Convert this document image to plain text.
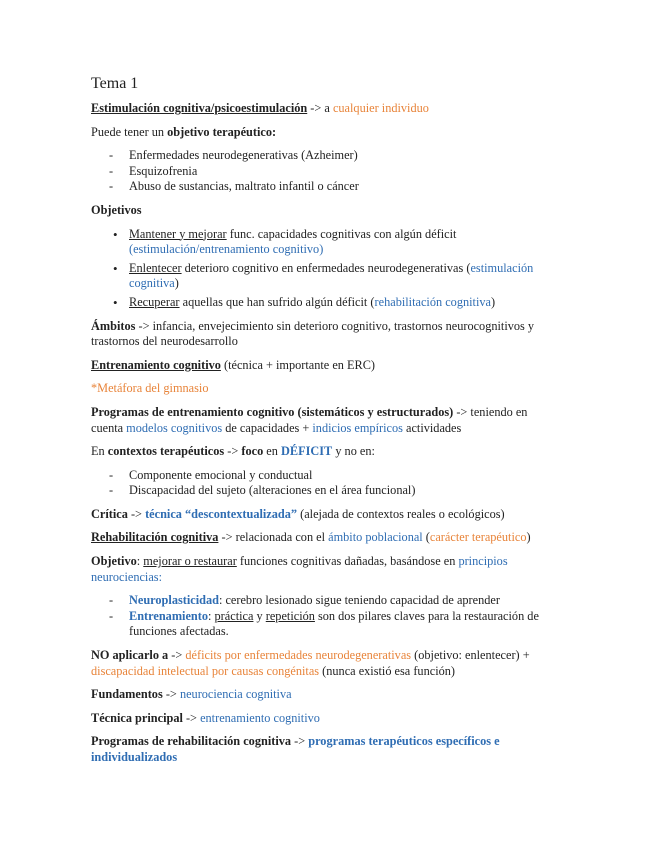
Tema 1

Estimulación cognitiva/psicoestimulación -> a cualquier individuo

Puede tener un objetivo terapéutico:

- Enfermedades neurodegenerativas (Azheimer)
- Esquizofrenia
- Abuso de sustancias, maltrato infantil o cáncer

Objetivos

• Mantener y mejorar func. capacidades cognitivas con algún déficit (estimulación/entrenamiento cognitivo)
• Enlentecer deterioro cognitivo en enfermedades neurodegenerativas (estimulación cognitiva)
• Recuperar aquellas que han sufrido algún déficit (rehabilitación cognitiva)

Ámbitos -> infancia, envejecimiento sin deterioro cognitivo, trastornos neurocognitivos y trastornos del neurodesarrollo

Entrenamiento cognitivo (técnica + importante en ERC)

*Metáfora del gimnasio

Programas de entrenamiento cognitivo (sistemáticos y estructurados) -> teniendo en cuenta modelos cognitivos de capacidades + indicios empíricos actividades

En contextos terapéuticos -> foco en DÉFICIT y no en:

- Componente emocional y conductual
- Discapacidad del sujeto (alteraciones en el área funcional)

Crítica -> técnica “descontextualizada” (alejada de contextos reales o ecológicos)

Rehabilitación cognitiva -> relacionada con el ámbito poblacional (carácter terapéutico)

Objetivo: mejorar o restaurar funciones cognitivas dañadas, basándose en principios neurociencias:

- Neuroplasticidad: cerebro lesionado sigue teniendo capacidad de aprender
- Entrenamiento: práctica y repetición son dos pilares claves para la restauración de funciones afectadas.

NO aplicarlo a -> déficits por enfermedades neurodegenerativas (objetivo: enlentecer) + discapacidad intelectual por causas congénitas (nunca existió esa función)

Fundamentos -> neurociencia cognitiva

Técnica principal -> entrenamiento cognitivo

Programas de rehabilitación cognitiva -> programas terapéuticos específicos e individualizados
